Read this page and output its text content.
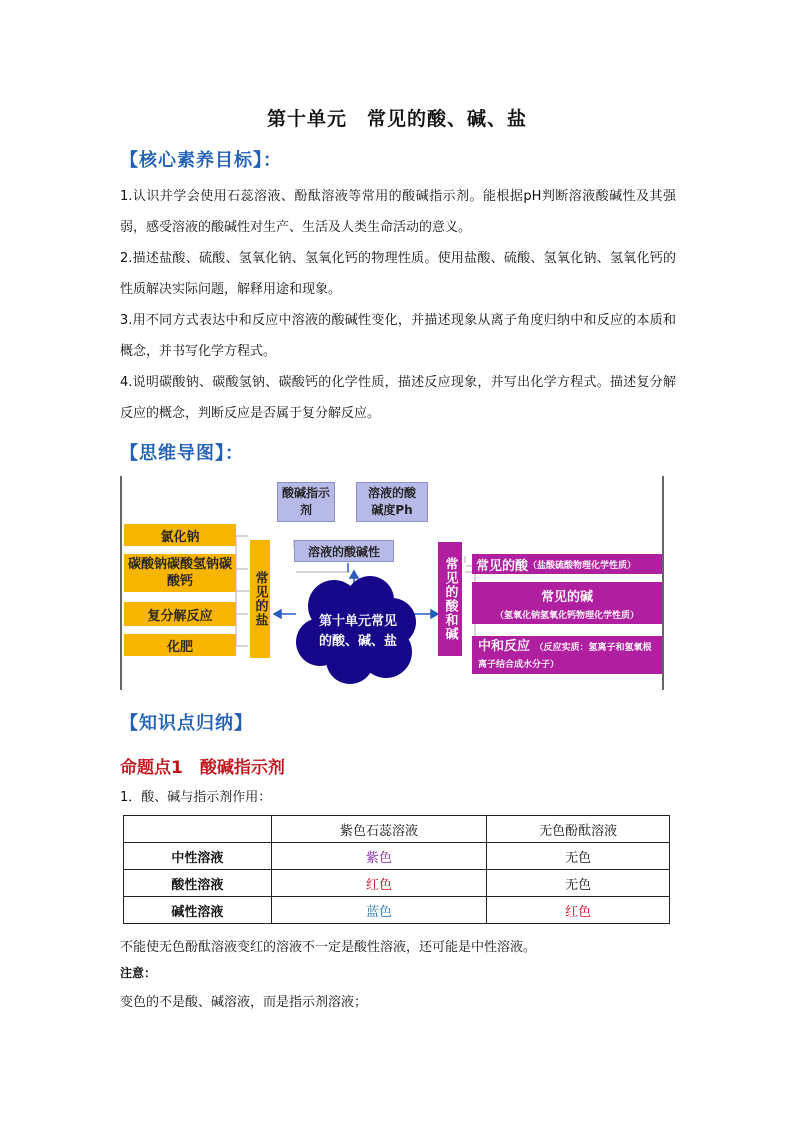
第十单元　常见的酸、碱、盐
【核心素养目标】：

1.认识并学会使用石蕊溶液、酚酞溶液等常用的酸碱指示剂。能根据pH判断溶液酸碱性及其强弱，感受溶液的酸碱性对生产、生活及人类生命活动的意义。

2.描述盐酸、硫酸、氢氧化钠、氢氧化钙的物理性质。使用盐酸、硫酸、氢氧化钠、氢氧化钙的性质解决实际问题，解释用途和现象。

3.用不同方式表达中和反应中溶液的酸碱性变化，并描述现象从离子角度归纳中和反应的本质和概念，并书写化学方程式。

4.说明碳酸钠、碳酸氢钠、碳酸钙的化学性质，描述反应现象，并写出化学方程式。描述复分解反应的概念，判断反应是否属于复分解反应。

【思维导图】：
氯化钠
碳酸钠碳酸氢钠碳酸钙
复分解反应
化肥
常见的盐
酸碱指示剂
溶液的酸碱度Ph
溶液的酸碱性
第十单元常见的酸、碱、盐
常见的酸和碱	常见的酸 （盐酸硫酸物理化学性质）
常见的碱
（氢氧化钠氢氧化钙物理化学性质）
中和反应 （反应实质：氢离子和氢氧根离子结合成水分子）
【知识点归纳】
命题点1　酸碱指示剂
1．酸、碱与指示剂作用：
	紫色石蕊溶液	无色酚酞溶液
中性溶液	紫色	无色
酸性溶液	红色	无色
碱性溶液	蓝色	红色
不能使无色酚酞溶液变红的溶液不一定是酸性溶液，还可能是中性溶液。
注意：
变色的不是酸、碱溶液，而是指示剂溶液；
